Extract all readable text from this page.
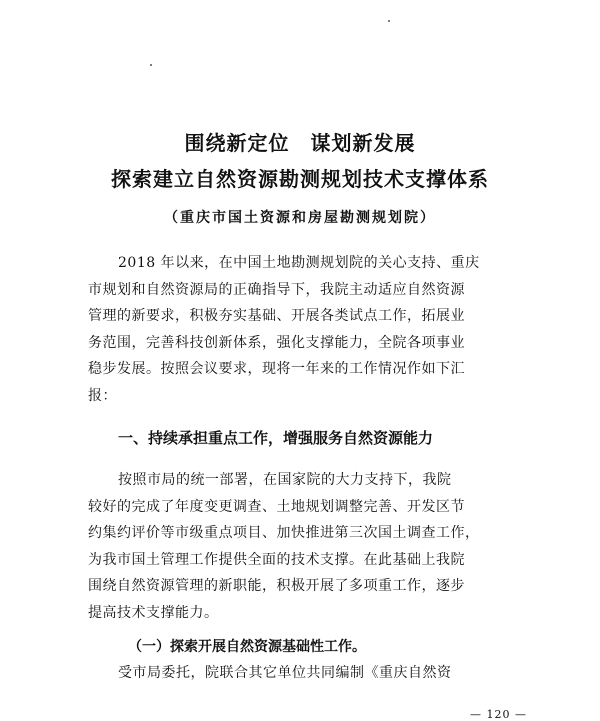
围绕新定位　谋划新发展
探索建立自然资源勘测规划技术支撑体系
（重庆市国土资源和房屋勘测规划院）
2018 年以来，在中国土地勘测规划院的关心支持、重庆
市规划和自然资源局的正确指导下，我院主动适应自然资源
管理的新要求，积极夯实基础、开展各类试点工作，拓展业
务范围，完善科技创新体系，强化支撑能力，全院各项事业
稳步发展。按照会议要求，现将一年来的工作情况作如下汇
报：
一、持续承担重点工作，增强服务自然资源能力
按照市局的统一部署，在国家院的大力支持下，我院
较好的完成了年度变更调查、土地规划调整完善、开发区节
约集约评价等市级重点项目、加快推进第三次国土调查工作，
为我市国土管理工作提供全面的技术支撑。在此基础上我院
围绕自然资源管理的新职能，积极开展了多项重工作，逐步
提高技术支撑能力。
（一）探索开展自然资源基础性工作。
受市局委托，院联合其它单位共同编制《重庆自然资
— 120 —
